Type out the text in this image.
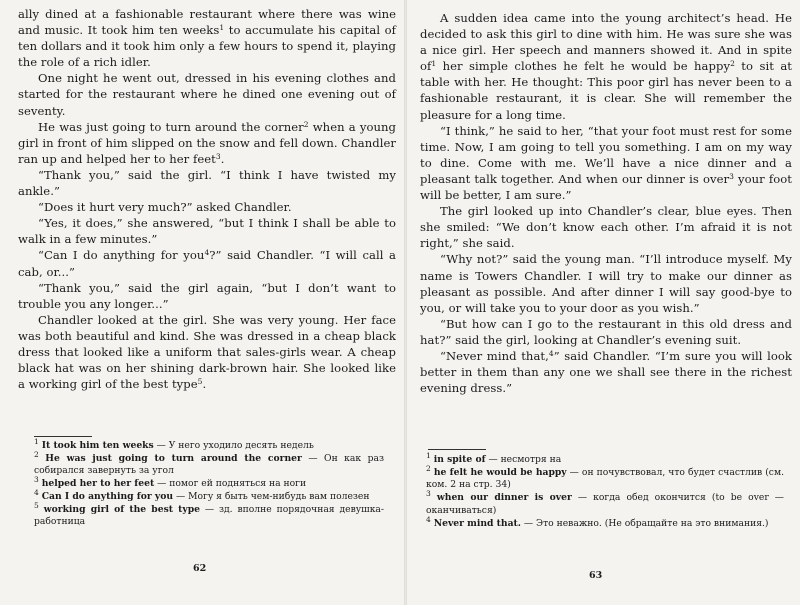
ally dined at a fashionable restaurant where there was wine and music. It took him ten weeks$^1$ to accumulate his capital of ten dollars and it took him only a few hours to spend it, playing the role of a rich idler.

One night he went out, dressed in his evening clothes and started for the restaurant where he dined one evening out of seventy.

He was just going to turn around the corner$^2$ when a young girl in front of him slipped on the snow and fell down. Chandler ran up and helped her to her feet$^3$.

“Thank you,” said the girl. “I think I have twisted my ankle.”

“Does it hurt very much?” asked Chandler.

“Yes, it does,” she answered, “but I think I shall be able to walk in a few minutes.”

“Can I do anything for you$^4$?” said Chandler. “I will call a cab, or...”

“Thank you,” said the girl again, “but I don’t want to trouble you any longer...”

Chandler looked at the girl. She was very young. Her face was both beautiful and kind. She was dressed in a cheap black dress that looked like a uniform that sales-girls wear. A cheap black hat was on her shining dark-brown hair. She looked like a working girl of the best type$^5$.

$^1$ It took him ten weeks — У него уходило десять недель

$^2$ He was just going to turn around the corner — Он как раз собирался завернуть за угол

$^3$ helped her to her feet — помог ей подняться на ноги

$^4$ Can I do anything for you — Могу я быть чем-нибудь вам полезен

$^5$ working girl of the best type — зд. вполне порядочная девушка-работница

62

A sudden idea came into the young architect’s head. He decided to ask this girl to dine with him. He was sure she was a nice girl. Her speech and manners showed it. And in spite $of^1$ her simple clothes he felt he would be happy$^2$ to sit at table with her. He thought: This poor girl has never been to a fashionable restaurant, it is clear. She will remember the pleasure for a long time.

“I think,” he said to her, “that your foot must rest for some time. Now, I am going to tell you something. I am on my way to dine. Come with me. We’ll have a nice dinner and a pleasant talk together. And when our dinner is over$^3$ your foot will be better, I am sure.”

The girl looked up into Chandler’s clear, blue eyes. Then she smiled: “We don’t know each other. I’m afraid it is not right,” she said.

“Why not?” said the young man. “I’ll introduce myself. My name is Towers Chandler. I will try to make our dinner as pleasant as possible. And after dinner I will say good-bye to you, or will take you to your door as you wish.”

“But how can I go to the restaurant in this old dress and hat?” said the girl, looking at Chandler’s evening suit.

“Never mind that,$^4$” said Chandler. “I’m sure you will look better in them than any one we shall see there in the richest evening dress.”

$^1$ in spite of — несмотря на

$^2$ he felt he would be happy — он почувствовал, что будет счастлив (см. ком. 2 на стр. 34)

$^3$ when our dinner is over — когда обед окончится (to be over — оканчиваться)

$^4$ Never mind that. — Это неважно. (Не обращайте на это внимания.)

63
